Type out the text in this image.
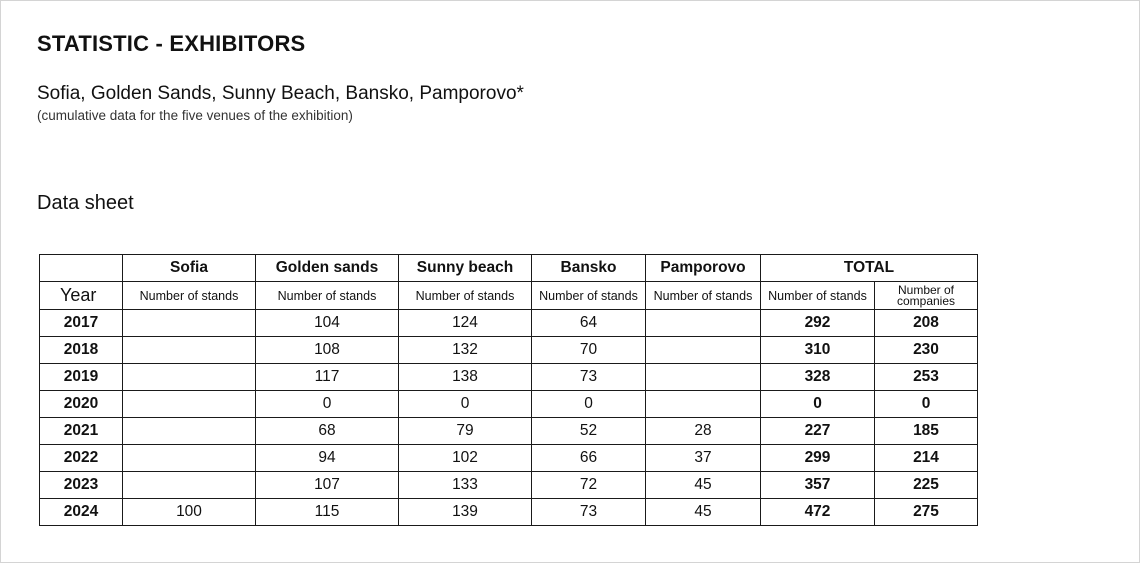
STATISTIC - EXHIBITORS
Sofia, Golden Sands, Sunny Beach, Bansko, Pamporovo*
(cumulative data for the five venues of the exhibition)
Data sheet
	Sofia	Golden sands	Sunny beach	Bansko	Pamporovo	TOTAL	
Year	Number of stands	Number of stands	Number of stands	Number of stands	Number of stands	Number of stands	Number of companies
2017		104	124	64		292	208
2018		108	132	70		310	230
2019		117	138	73		328	253
2020		0	0	0		0	0
2021		68	79	52	28	227	185
2022		94	102	66	37	299	214
2023		107	133	72	45	357	225
2024	100	115	139	73	45	472	275
